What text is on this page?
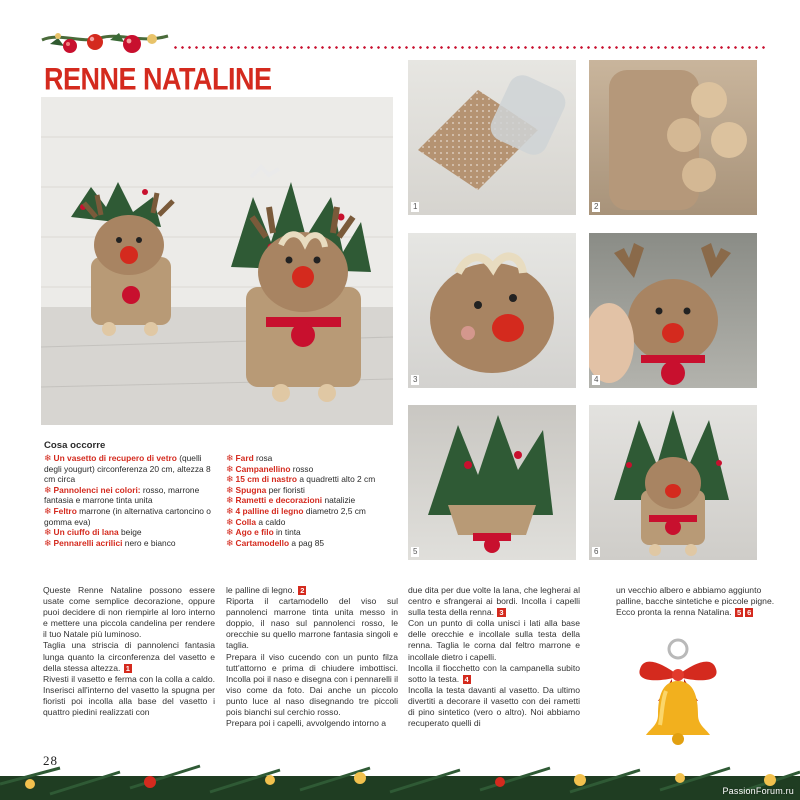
RENNE NATALINE
1	2
3	4
5	6
Cosa occorre
❄ Un vasetto di recupero di vetro (quelli degli yougurt) circonferenza 20 cm, altezza 8 cm circa
❄ Pannolenci nei colori: rosso, marrone fantasia e marrone tinta unita
❄ Feltro marrone (in alternativa cartoncino o gomma eva)
❄ Un ciuffo di lana beige
❄ Pennarelli acrilici nero e bianco
❄ Fard rosa
❄ Campanellino rosso
❄ 15 cm di nastro a quadretti alto 2 cm
❄ Spugna per fioristi
❄ Rametti e decorazioni natalizie
❄ 4 palline di legno diametro 2,5 cm
❄ Colla a caldo
❄ Ago e filo in tinta
❄ Cartamodello a pag 85

Queste Renne Nataline possono essere usate come semplice decorazione, oppure puoi decidere di non riempirle al loro interno e mettere una piccola candelina per rendere il tuo Natale più luminoso.

Taglia una striscia di pannolenci fantasia lunga quanto la circonferenza del vasetto e della stessa altezza. 1

Rivesti il vasetto e ferma con la colla a caldo. Inserisci all'interno del vasetto la spugna per fioristi poi incolla alla base del vasetto i quattro piedini realizzati con

le palline di legno. 2

Riporta il cartamodello del viso sul pannolenci marrone tinta unita messo in doppio, il naso sul pannolenci rosso, le orecchie su quello marrone fantasia singoli e taglia.

Prepara il viso cucendo con un punto filza tutt'attorno e prima di chiudere imbottisci. Incolla poi il naso e disegna con i pennarelli il viso come da foto. Dai anche un piccolo punto luce al naso disegnando tre piccoli pois bianchi sul cerchio rosso.

Prepara poi i capelli, avvolgendo intorno a

due dita per due volte la lana, che legherai al centro e sfrangerai ai bordi. Incolla i capelli sulla testa della renna. 3

Con un punto di colla unisci i lati alla base delle orecchie e incollale sulla testa della renna. Taglia le corna dal feltro marrone e incollale dietro i capelli.

Incolla il fiocchetto con la campanella subito sotto la testa. 4

Incolla la testa davanti al vasetto. Da ultimo divertiti a decorare il vasetto con dei rametti di pino sintetico (vero o altro). Noi abbiamo recuperato quelli di

un vecchio albero e abbiamo aggiunto palline, bacche sintetiche e piccole pigne. Ecco pronta la renna Natalina. 5 6

28
PassionForum.ru
